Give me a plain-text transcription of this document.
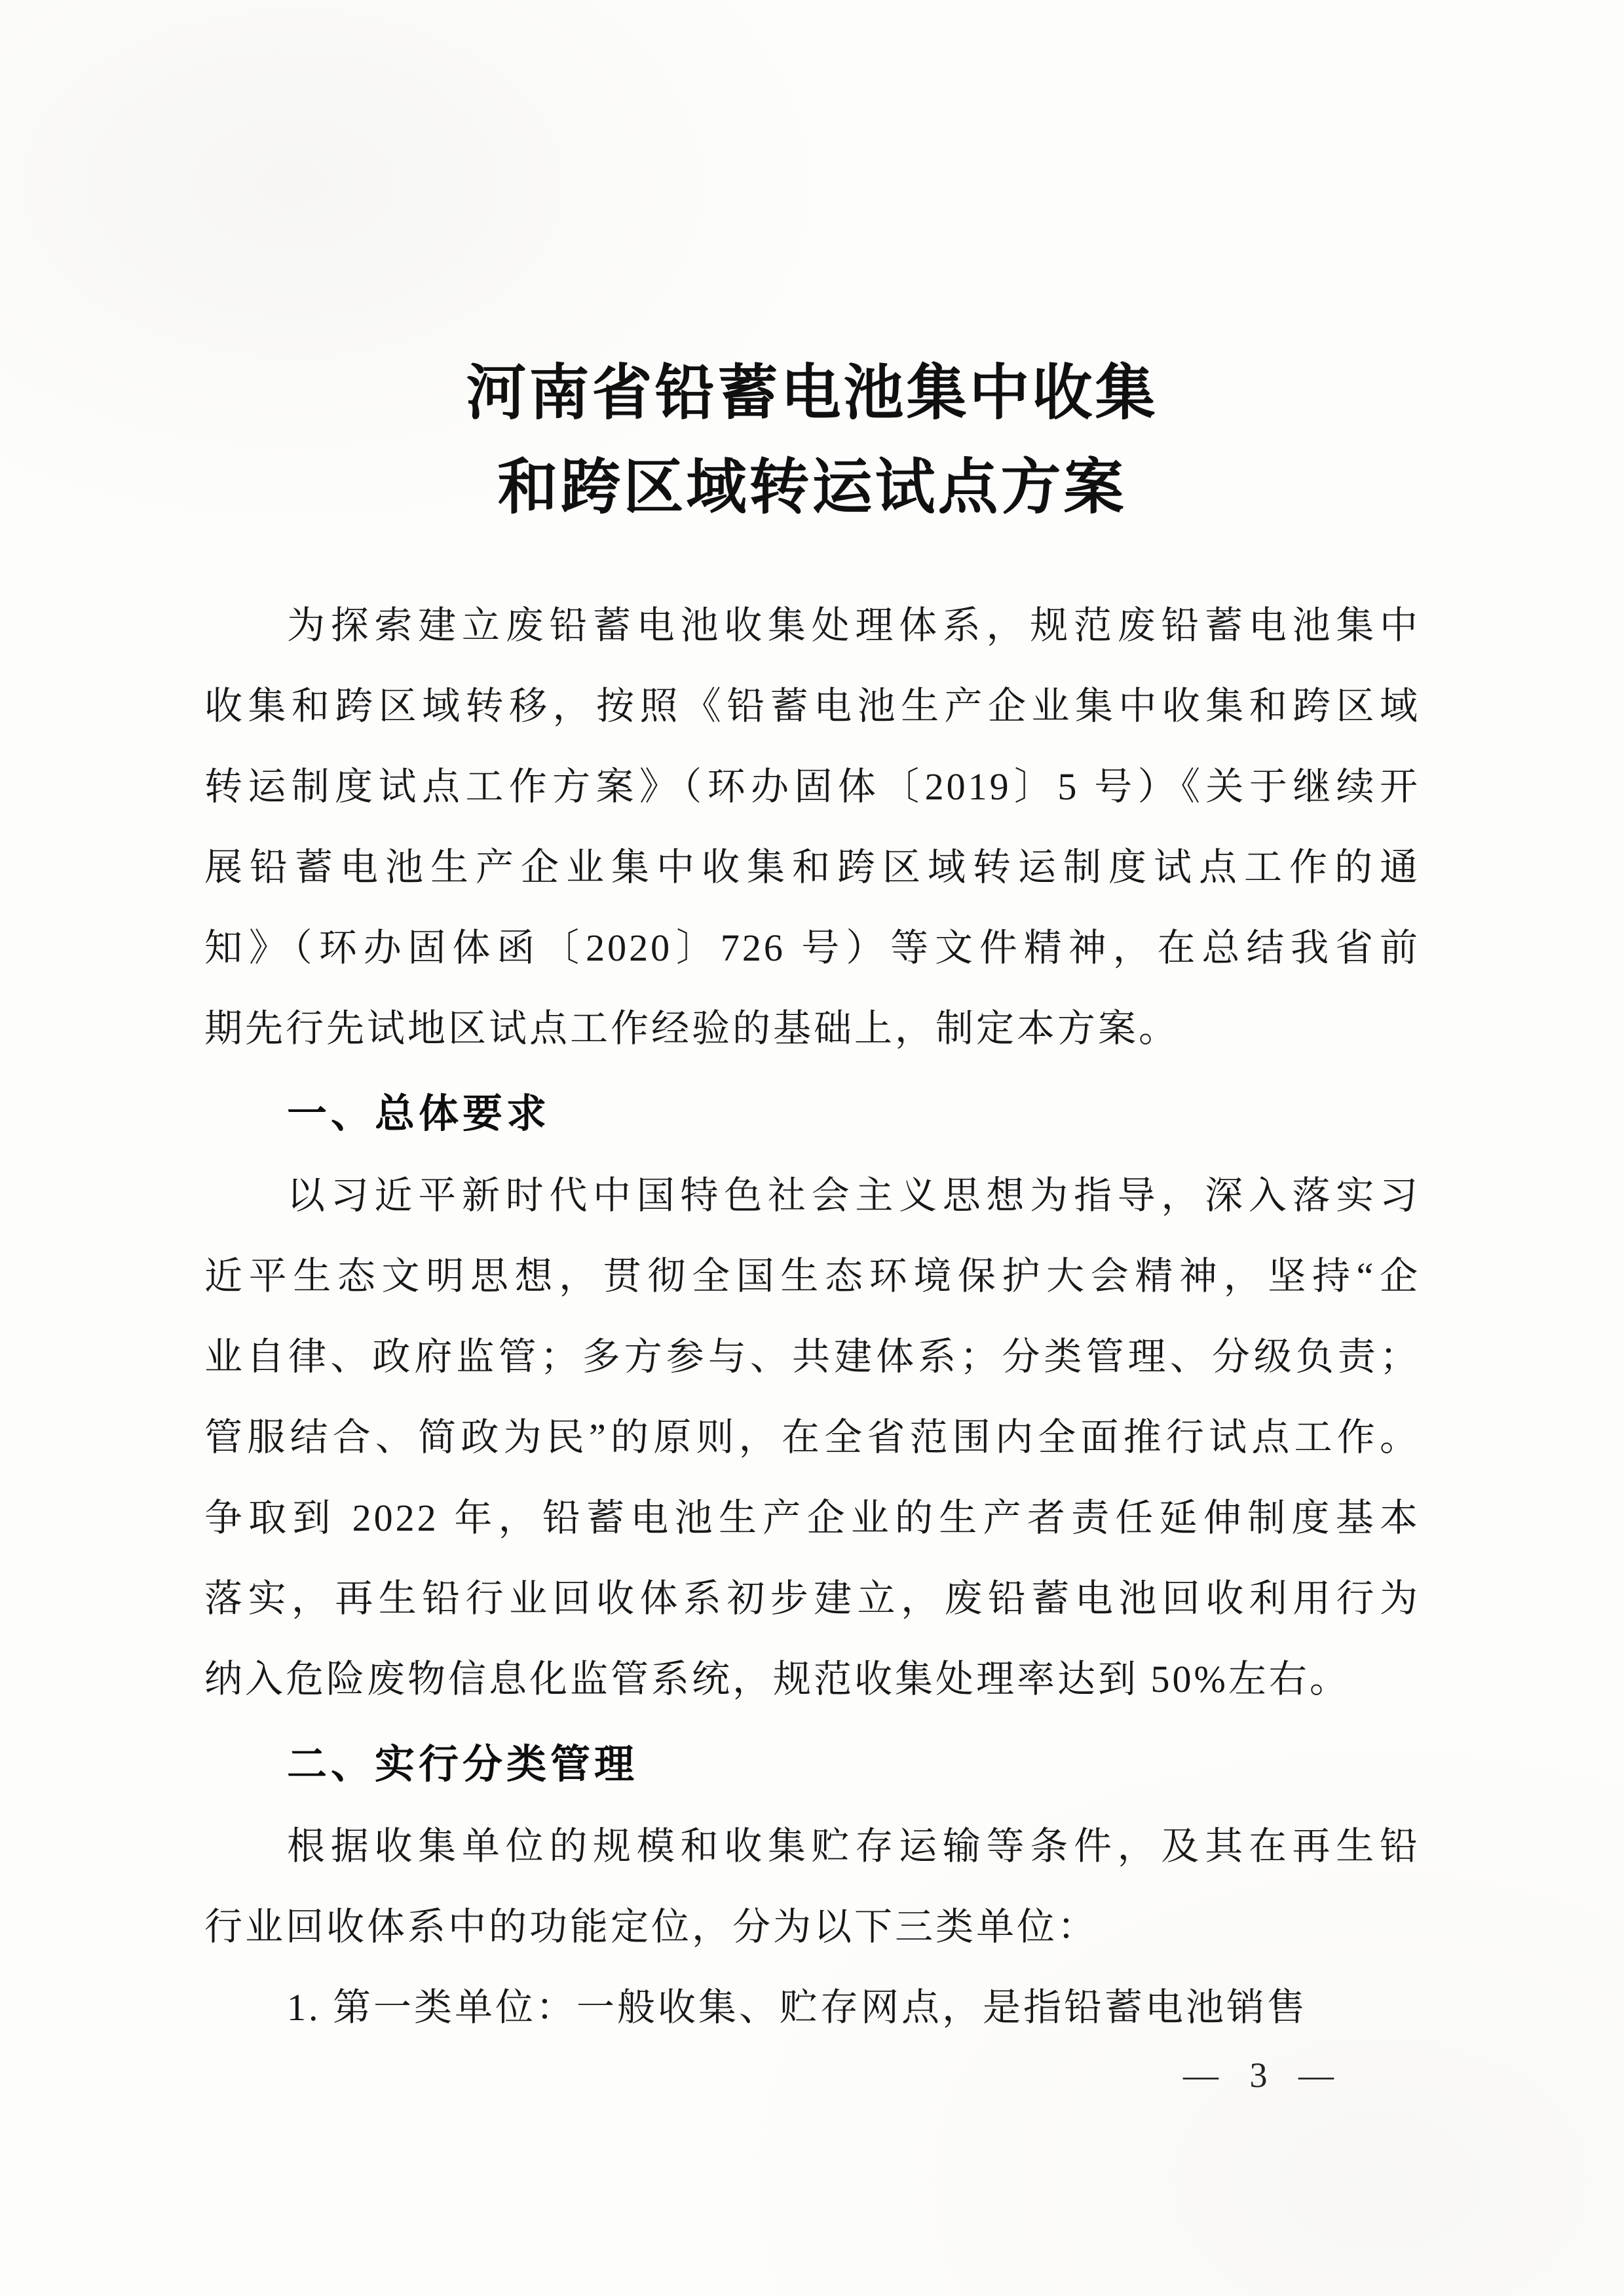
河南省铅蓄电池集中收集
和跨区域转运试点方案
为探索建立废铅蓄电池收集处理体系，规范废铅蓄电池集中
收集和跨区域转移，按照《铅蓄电池生产企业集中收集和跨区域
转运制度试点工作方案》（环办固体〔2019〕5 号）《关于继续开
展铅蓄电池生产企业集中收集和跨区域转运制度试点工作的通
知》（环办固体函〔2020〕726 号）等文件精神，在总结我省前
期先行先试地区试点工作经验的基础上，制定本方案。
一、总体要求
以习近平新时代中国特色社会主义思想为指导，深入落实习
近平生态文明思想，贯彻全国生态环境保护大会精神，坚持“企
业自律、政府监管；多方参与、共建体系；分类管理、分级负责；
管服结合、简政为民”的原则，在全省范围内全面推行试点工作。
争取到 2022 年，铅蓄电池生产企业的生产者责任延伸制度基本
落实，再生铅行业回收体系初步建立，废铅蓄电池回收利用行为
纳入危险废物信息化监管系统，规范收集处理率达到 50%左右。
二、实行分类管理
根据收集单位的规模和收集贮存运输等条件，及其在再生铅
行业回收体系中的功能定位，分为以下三类单位：
1. 第一类单位：一般收集、贮存网点，是指铅蓄电池销售
— 3 —
